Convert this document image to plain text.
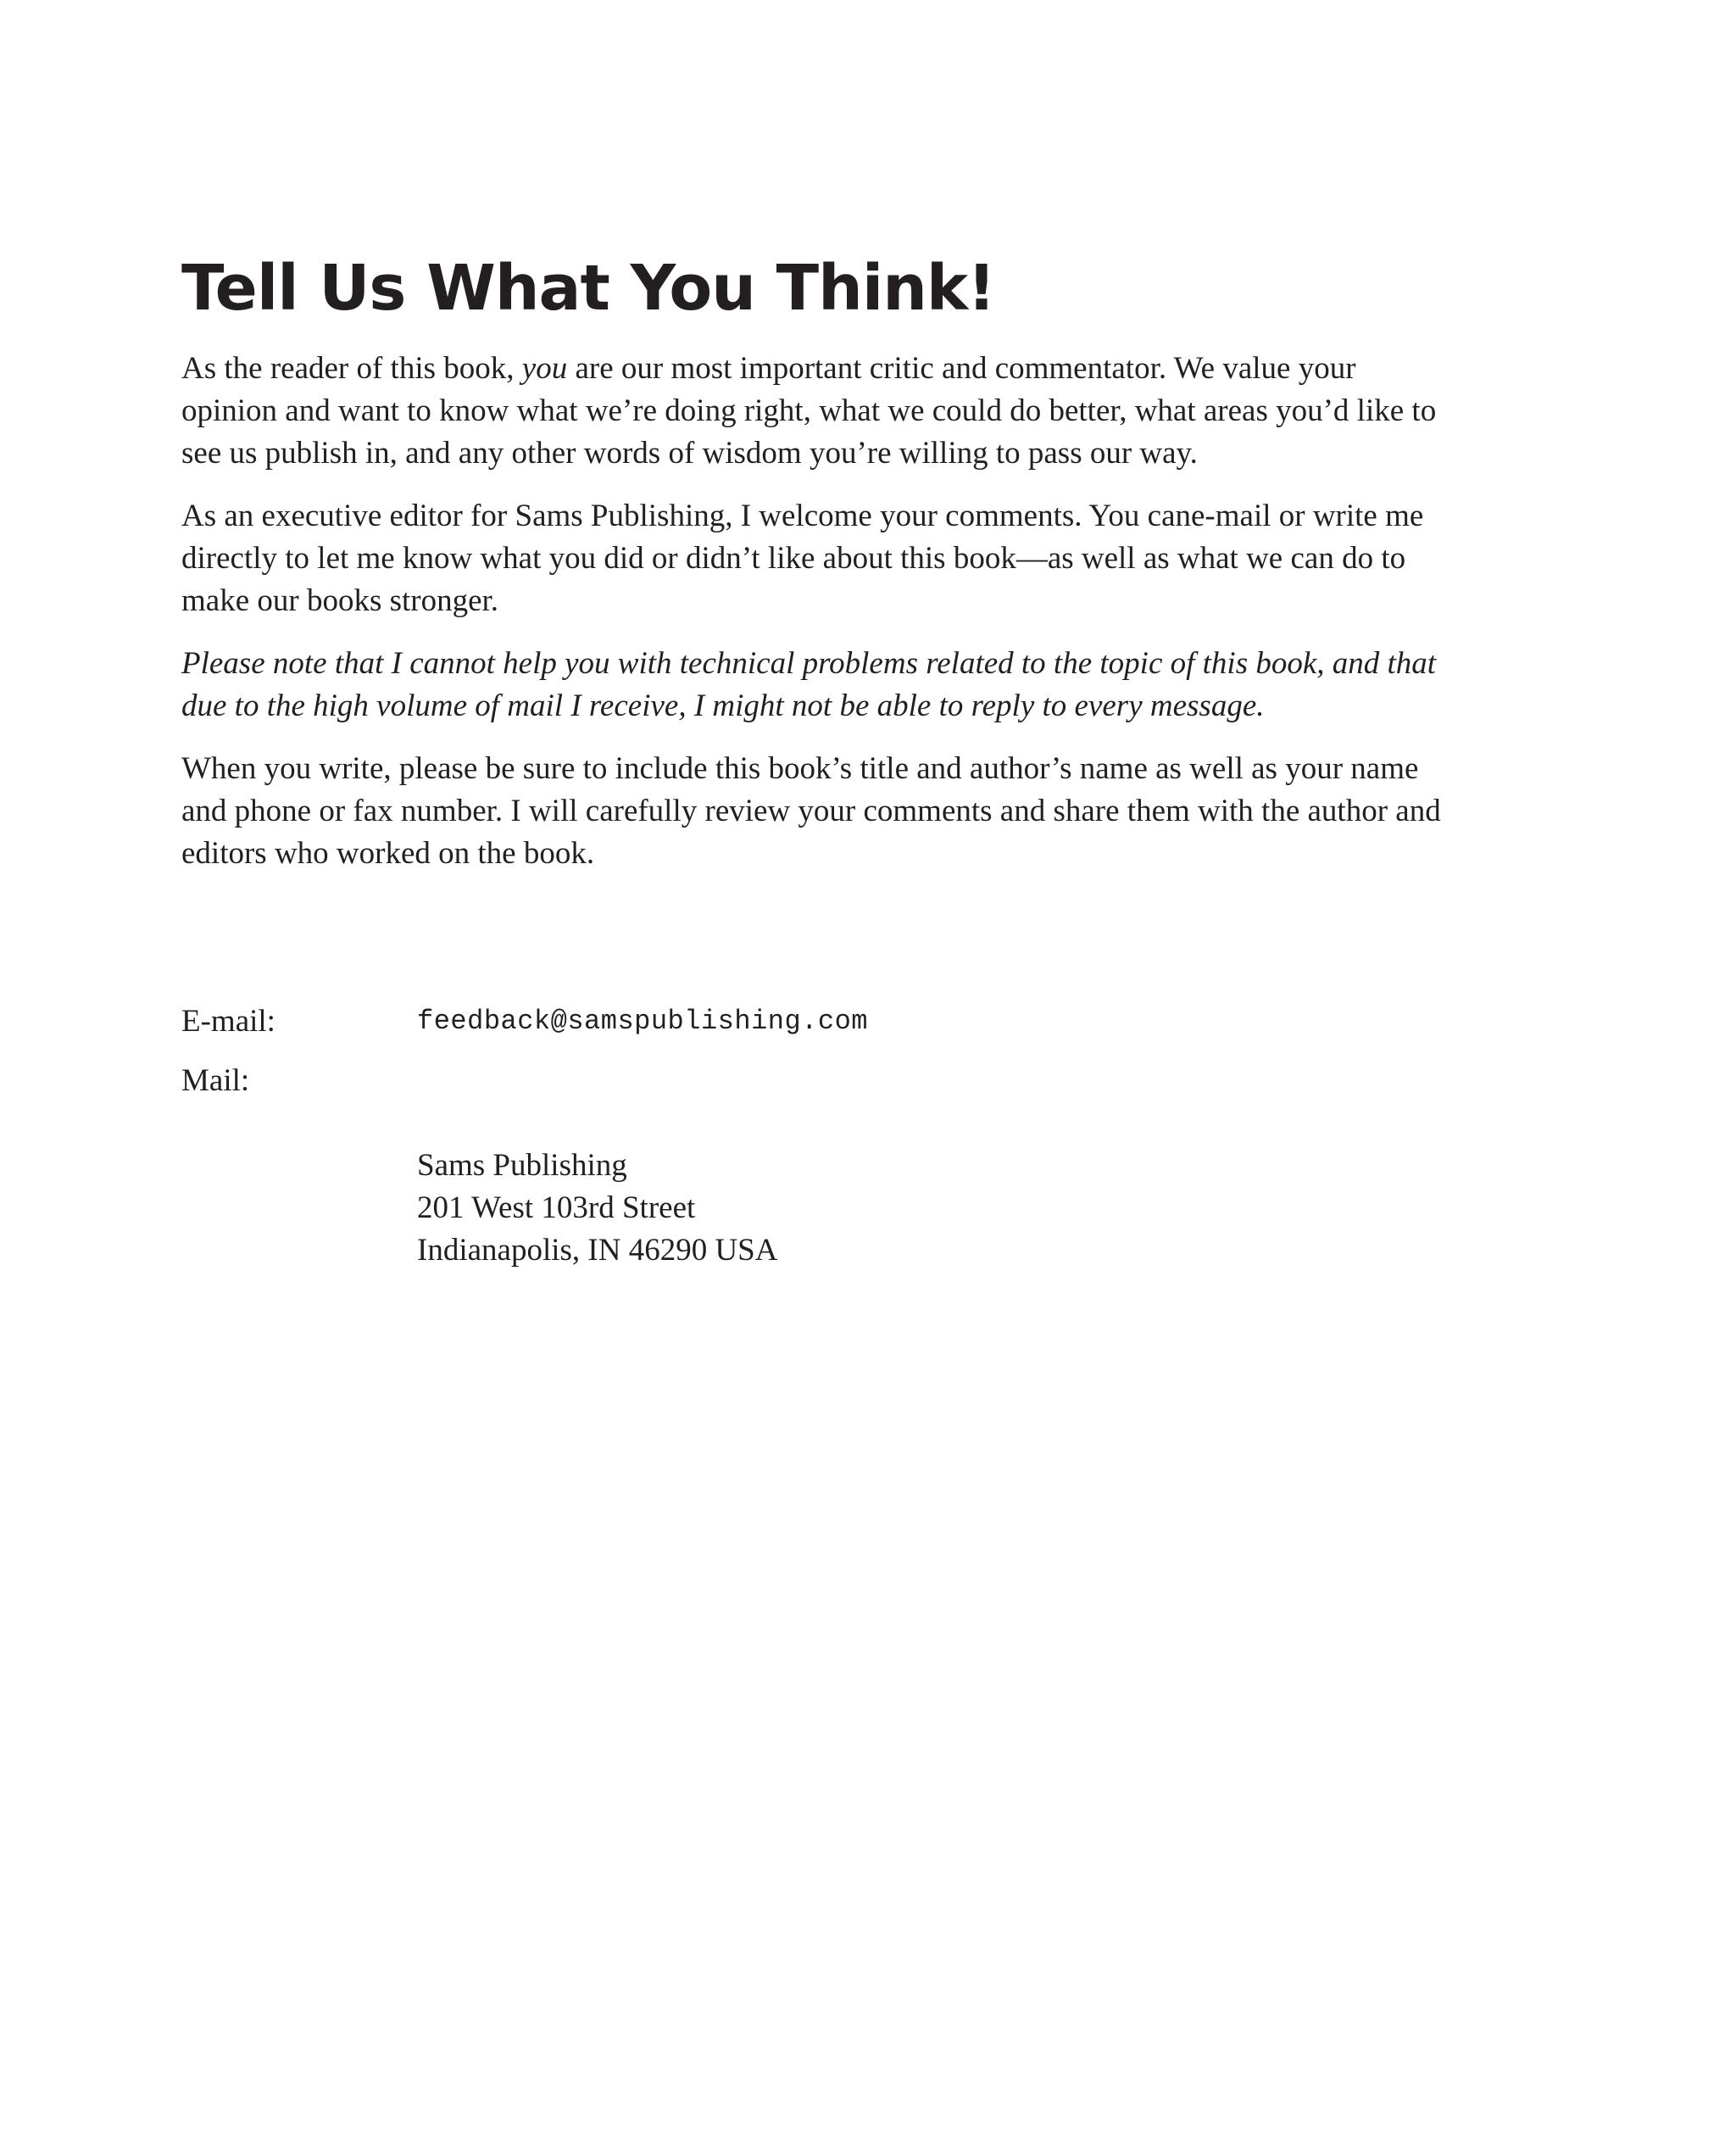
Tell Us What You Think!

As the reader of this book, you are our most important critic and commentator. We value your opinion and want to know what we’re doing right, what we could do better, what areas you’d like to see us publish in, and any other words of wisdom you’re willing to pass our way.

As an executive editor for Sams Publishing, I welcome your comments. You cane-mail or write me directly to let me know what you did or didn’t like about this book—as well as what we can do to make our books stronger.

Please note that I cannot help you with technical problems related to the topic of this book, and that due to the high volume of mail I receive, I might not be able to reply to every message.

When you write, please be sure to include this book’s title and author’s name as well as your name and phone or fax number. I will carefully review your comments and share them with the author and editors who worked on the book.

E-mail:	feedback@samspublishing.com
Mail:
Sams Publishing
201 West 103rd Street
Indianapolis, IN 46290 USA
